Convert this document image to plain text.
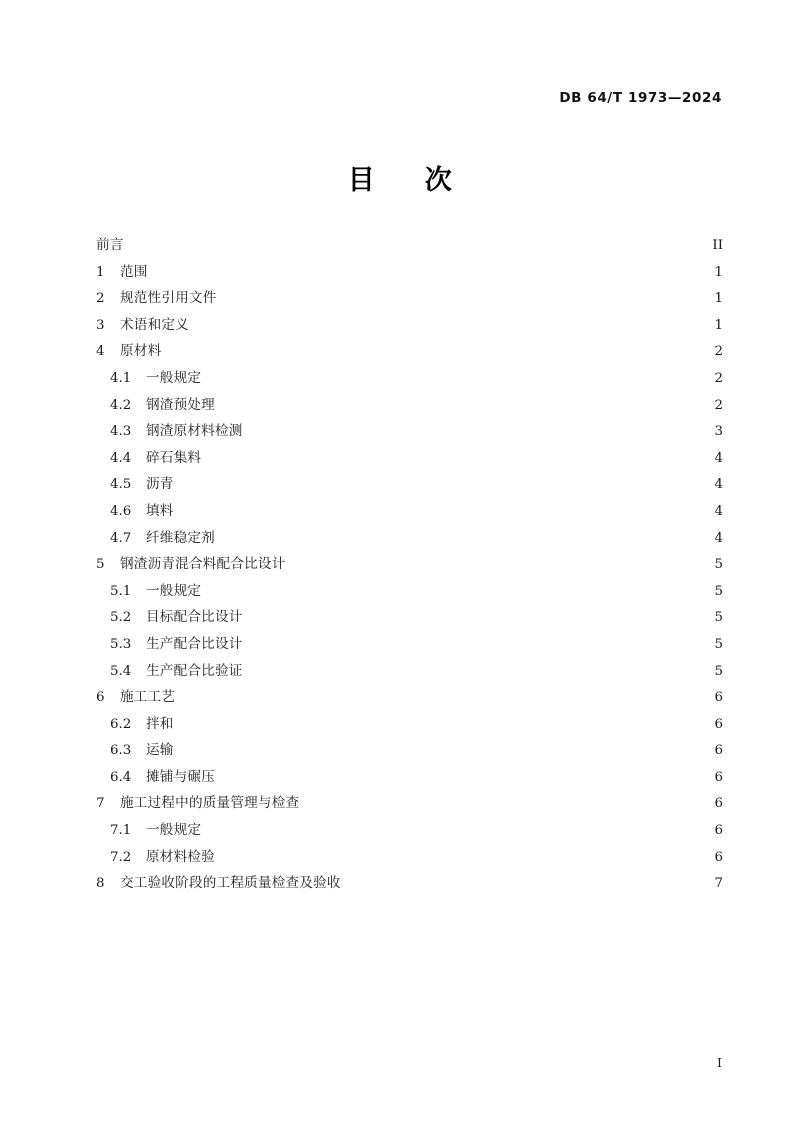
DB 64/T 1973—2024
目     次
前言 .....	II
1	范围 .....	1
2	规范性引用文件 .....	1
3	术语和定义 .....	1
4	原材料 .....	2
4.1	一般规定 .....	2
4.2	钢渣预处理 .....	2
4.3	钢渣原材料检测 .....	3
4.4	碎石集料 .....	4
4.5	沥青 .....	4
4.6	填料 .....	4
4.7	纤维稳定剂 .....	4
5	钢渣沥青混合料配合比设计 .....	5
5.1	一般规定 .....	5
5.2	目标配合比设计 .....	5
5.3	生产配合比设计 .....	5
5.4	生产配合比验证 .....	5
6	施工工艺 .....	6
6.2	拌和 .....	6
6.3	运输 .....	6
6.4	摊铺与碾压 .....	6
7	施工过程中的质量管理与检查 .....	6
7.1	一般规定 .....	6
7.2	原材料检验 .....	6
8	交工验收阶段的工程质量检查及验收 .....	7
I
